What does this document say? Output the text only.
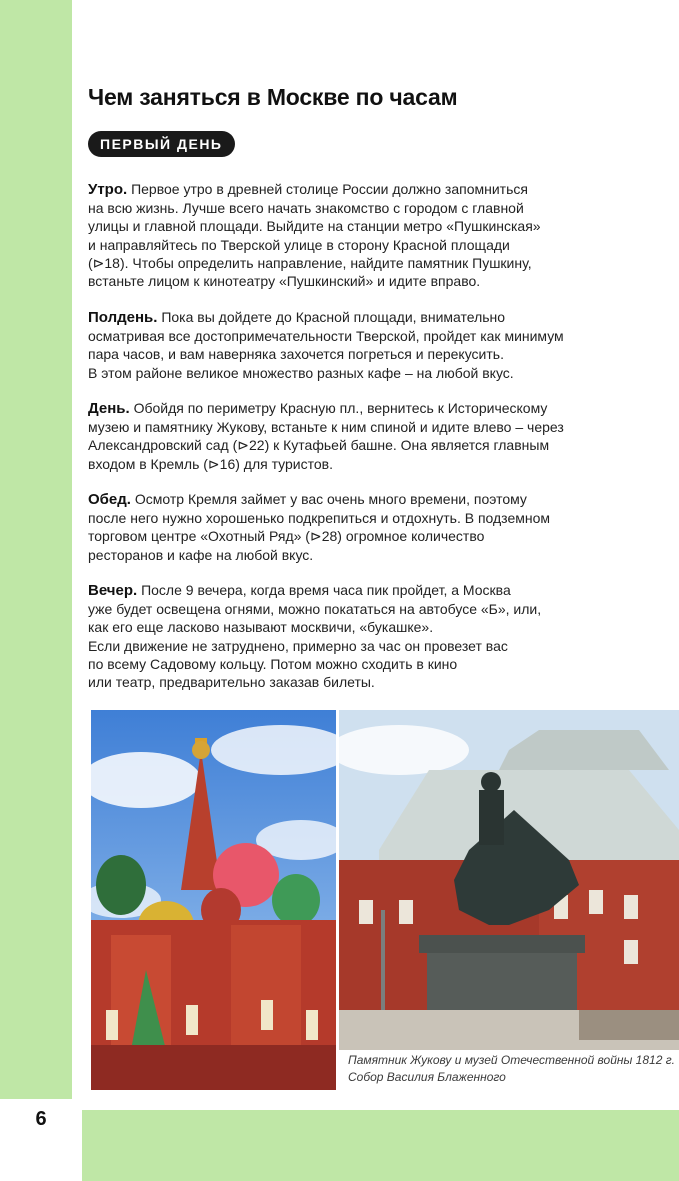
6
Чем заняться в Москве по часам
ПЕРВЫЙ ДЕНЬ
Утро. Первое утро в древней столице России должно запомниться
на всю жизнь. Лучше всего начать знакомство с городом с главной
улицы и главной площади. Выйдите на станции метро «Пушкинская»
и направляйтесь по Тверской улице в сторону Красной площади
(⊳18). Чтобы определить направление, найдите памятник Пушкину,
встаньте лицом к кинотеатру «Пушкинский» и идите вправо.
Полдень. Пока вы дойдете до Красной площади, внимательно
осматривая все достопримечательности Тверской, пройдет как минимум
пара часов, и вам наверняка захочется погреться и перекусить.
В этом районе великое множество разных кафе – на любой вкус.
День. Обойдя по периметру Красную пл., вернитесь к Историческому
музею и памятнику Жукову, встаньте к ним спиной и идите влево – через
Александровский сад (⊳22) к Кутафьей башне. Она является главным
входом в Кремль (⊳16) для туристов.
Обед. Осмотр Кремля займет у вас очень много времени, поэтому
после него нужно хорошенько подкрепиться и отдохнуть. В подземном
торговом центре «Охотный Ряд» (⊳28) огромное количество
ресторанов и кафе на любой вкус.
Вечер. После 9 вечера, когда время часа пик пройдет, а Москва
уже будет освещена огнями, можно покататься на автобусе «Б», или,
как его еще ласково называют москвичи, «букашке».
Если движение не затруднено, примерно за час он провезет вас
по всему Садовому кольцу. Потом можно сходить в кино
или театр, предварительно заказав билеты.
Памятник Жукову и музей Отечественной войны 1812 г.
Собор Василия Блаженного
